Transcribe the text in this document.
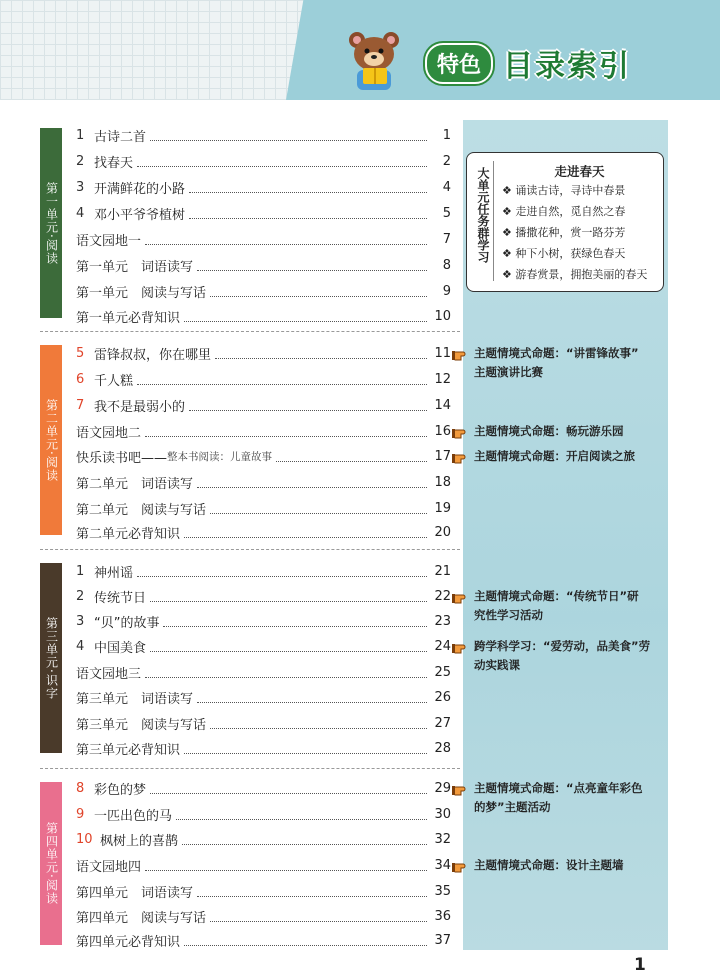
特色 目录索引
第一单元·阅读
第二单元·阅读
第三单元·识字
第四单元·阅读
1 古诗二首	1
2 找春天	2
3 开满鲜花的小路	4
4 邓小平爷爷植树	5
语文园地一	7
第一单元　词语读写	8
第一单元　阅读与写话	9
第一单元必背知识	10
5 雷锋叔叔，你在哪里	11
6 千人糕	12
7 我不是最弱小的	14
语文园地二	16
快乐读书吧—— 整本书阅读：儿童故事	17
第二单元　词语读写	18
第二单元　阅读与写话	19
第二单元必背知识	20
1 神州谣	21
2 传统节日	22
3 “贝”的故事	23
4 中国美食	24
语文园地三	25
第三单元　词语读写	26
第三单元　阅读与写话	27
第三单元必背知识	28
8 彩色的梦	29
9 一匹出色的马	30
10 枫树上的喜鹊	32
语文园地四	34
第四单元　词语读写	35
第四单元　阅读与写话	36
第四单元必背知识	37
大单元任务群学习	走进春天
❖ 诵读古诗，寻诗中春景
❖ 走进自然，觅自然之春
❖ 播撒花种，赏一路芬芳
❖ 种下小树，获绿色春天
❖ 游春赏景，拥抱美丽的春天
主题情境式命题：“讲雷锋故事”
主题演讲比赛
主题情境式命题：畅玩游乐园
主题情境式命题：开启阅读之旅
主题情境式命题：“传统节日”研
究性学习活动
跨学科学习：“爱劳动，品美食”劳
动实践课
主题情境式命题：“点亮童年彩色
的梦”主题活动
主题情境式命题：设计主题墙
1
